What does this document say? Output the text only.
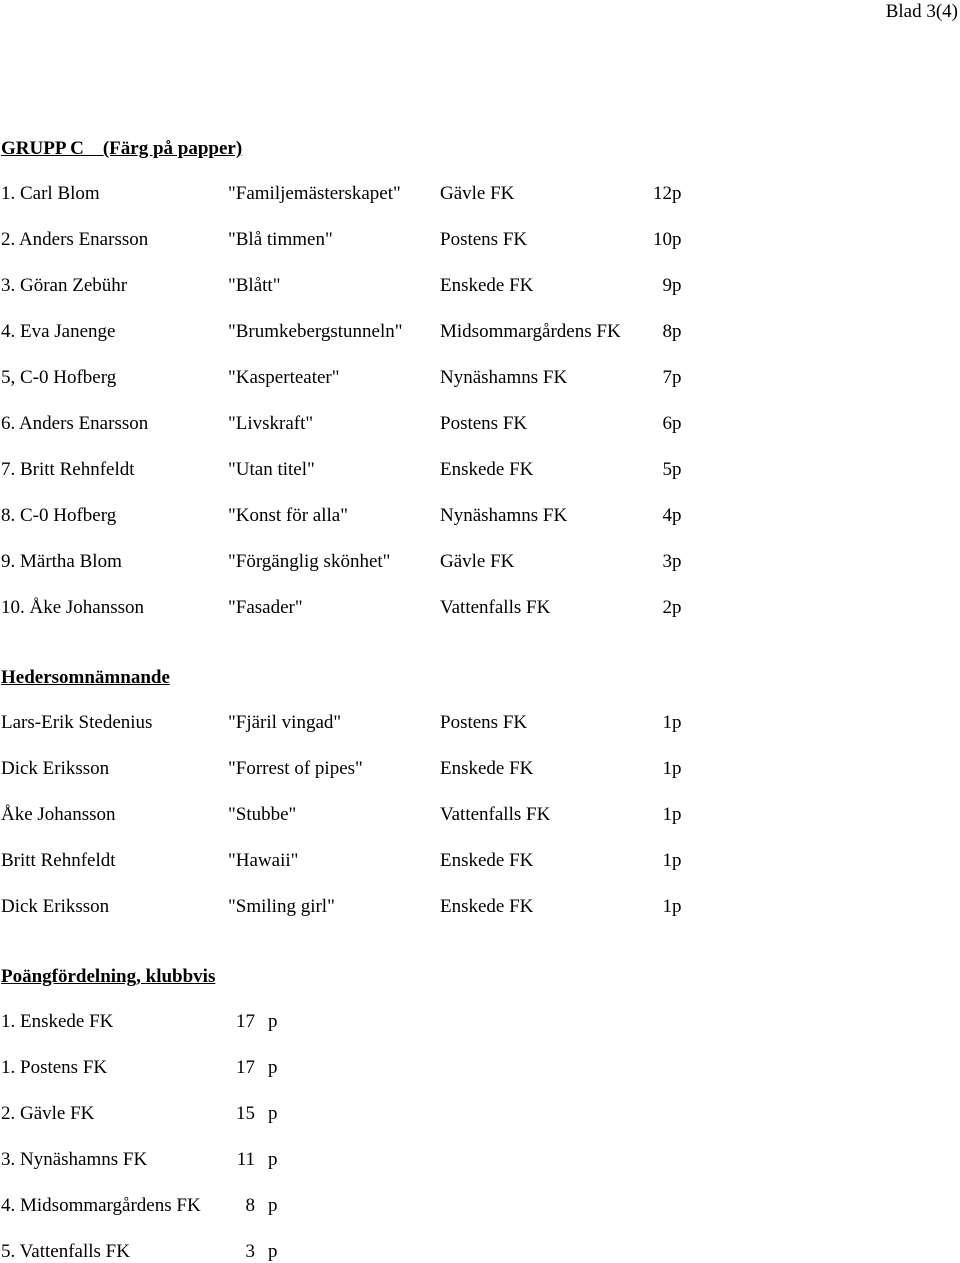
Blad 3(4)
GRUPP C    (Färg på papper)
1. Carl Blom	"Familjemästerskapet" Gävle FK	12 p
2. Anders Enarsson	"Blå timmen"	Postens FK	10 p
3. Göran Zebühr	"Blått"	Enskede FK	9 p
4. Eva Janenge	"Brumkebergstunneln" Midsommargårdens FK	8 p
5, C-0 Hofberg	"Kasperteater"	Nynäshamns FK	7 p
6. Anders Enarsson	"Livskraft"	Postens FK	6 p
7. Britt Rehnfeldt	"Utan titel"	Enskede FK	5 p
8. C-0 Hofberg	"Konst för alla"	Nynäshamns FK	4 p
9. Märtha Blom	"Förgänglig skönhet"	Gävle FK	3 p
10. Åke Johansson	"Fasader"	Vattenfalls FK	2 p
Hedersomnämnande
Lars-Erik Stedenius	"Fjäril vingad"	Postens FK	1 p
Dick Eriksson	"Forrest of pipes"	Enskede FK	1 p
Åke Johansson	"Stubbe"	Vattenfalls FK	1 p
Britt Rehnfeldt	"Hawaii"	Enskede FK	1 p
Dick Eriksson	"Smiling girl"	Enskede FK	1 p
Poängfördelning, klubbvis
1. Enskede FK	17 p
1. Postens FK	17 p
2. Gävle FK	15 p
3. Nynäshamns FK	11 p
4. Midsommargårdens FK	8 p
5. Vattenfalls FK	3 p
